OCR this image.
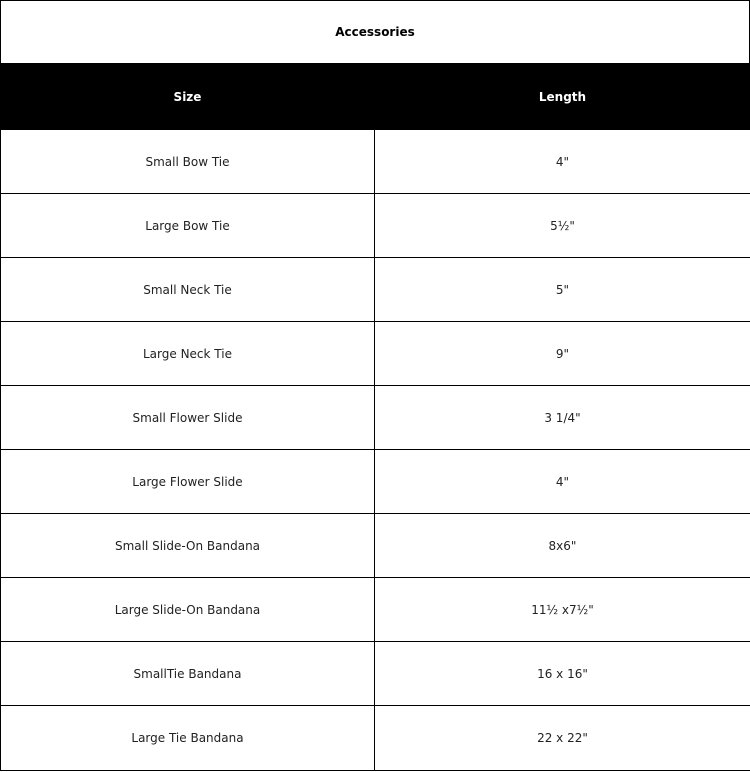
Accessories
Size	Length
Small Bow Tie	4"
Large Bow Tie	5½"
Small Neck Tie	5"
Large Neck Tie	9"
Small Flower Slide	3 1/4"
Large Flower Slide	4"
Small Slide-On Bandana	8x6"
Large Slide-On Bandana	11½ x7½"
SmallTie Bandana	16 x 16"
Large Tie Bandana	22 x 22"
